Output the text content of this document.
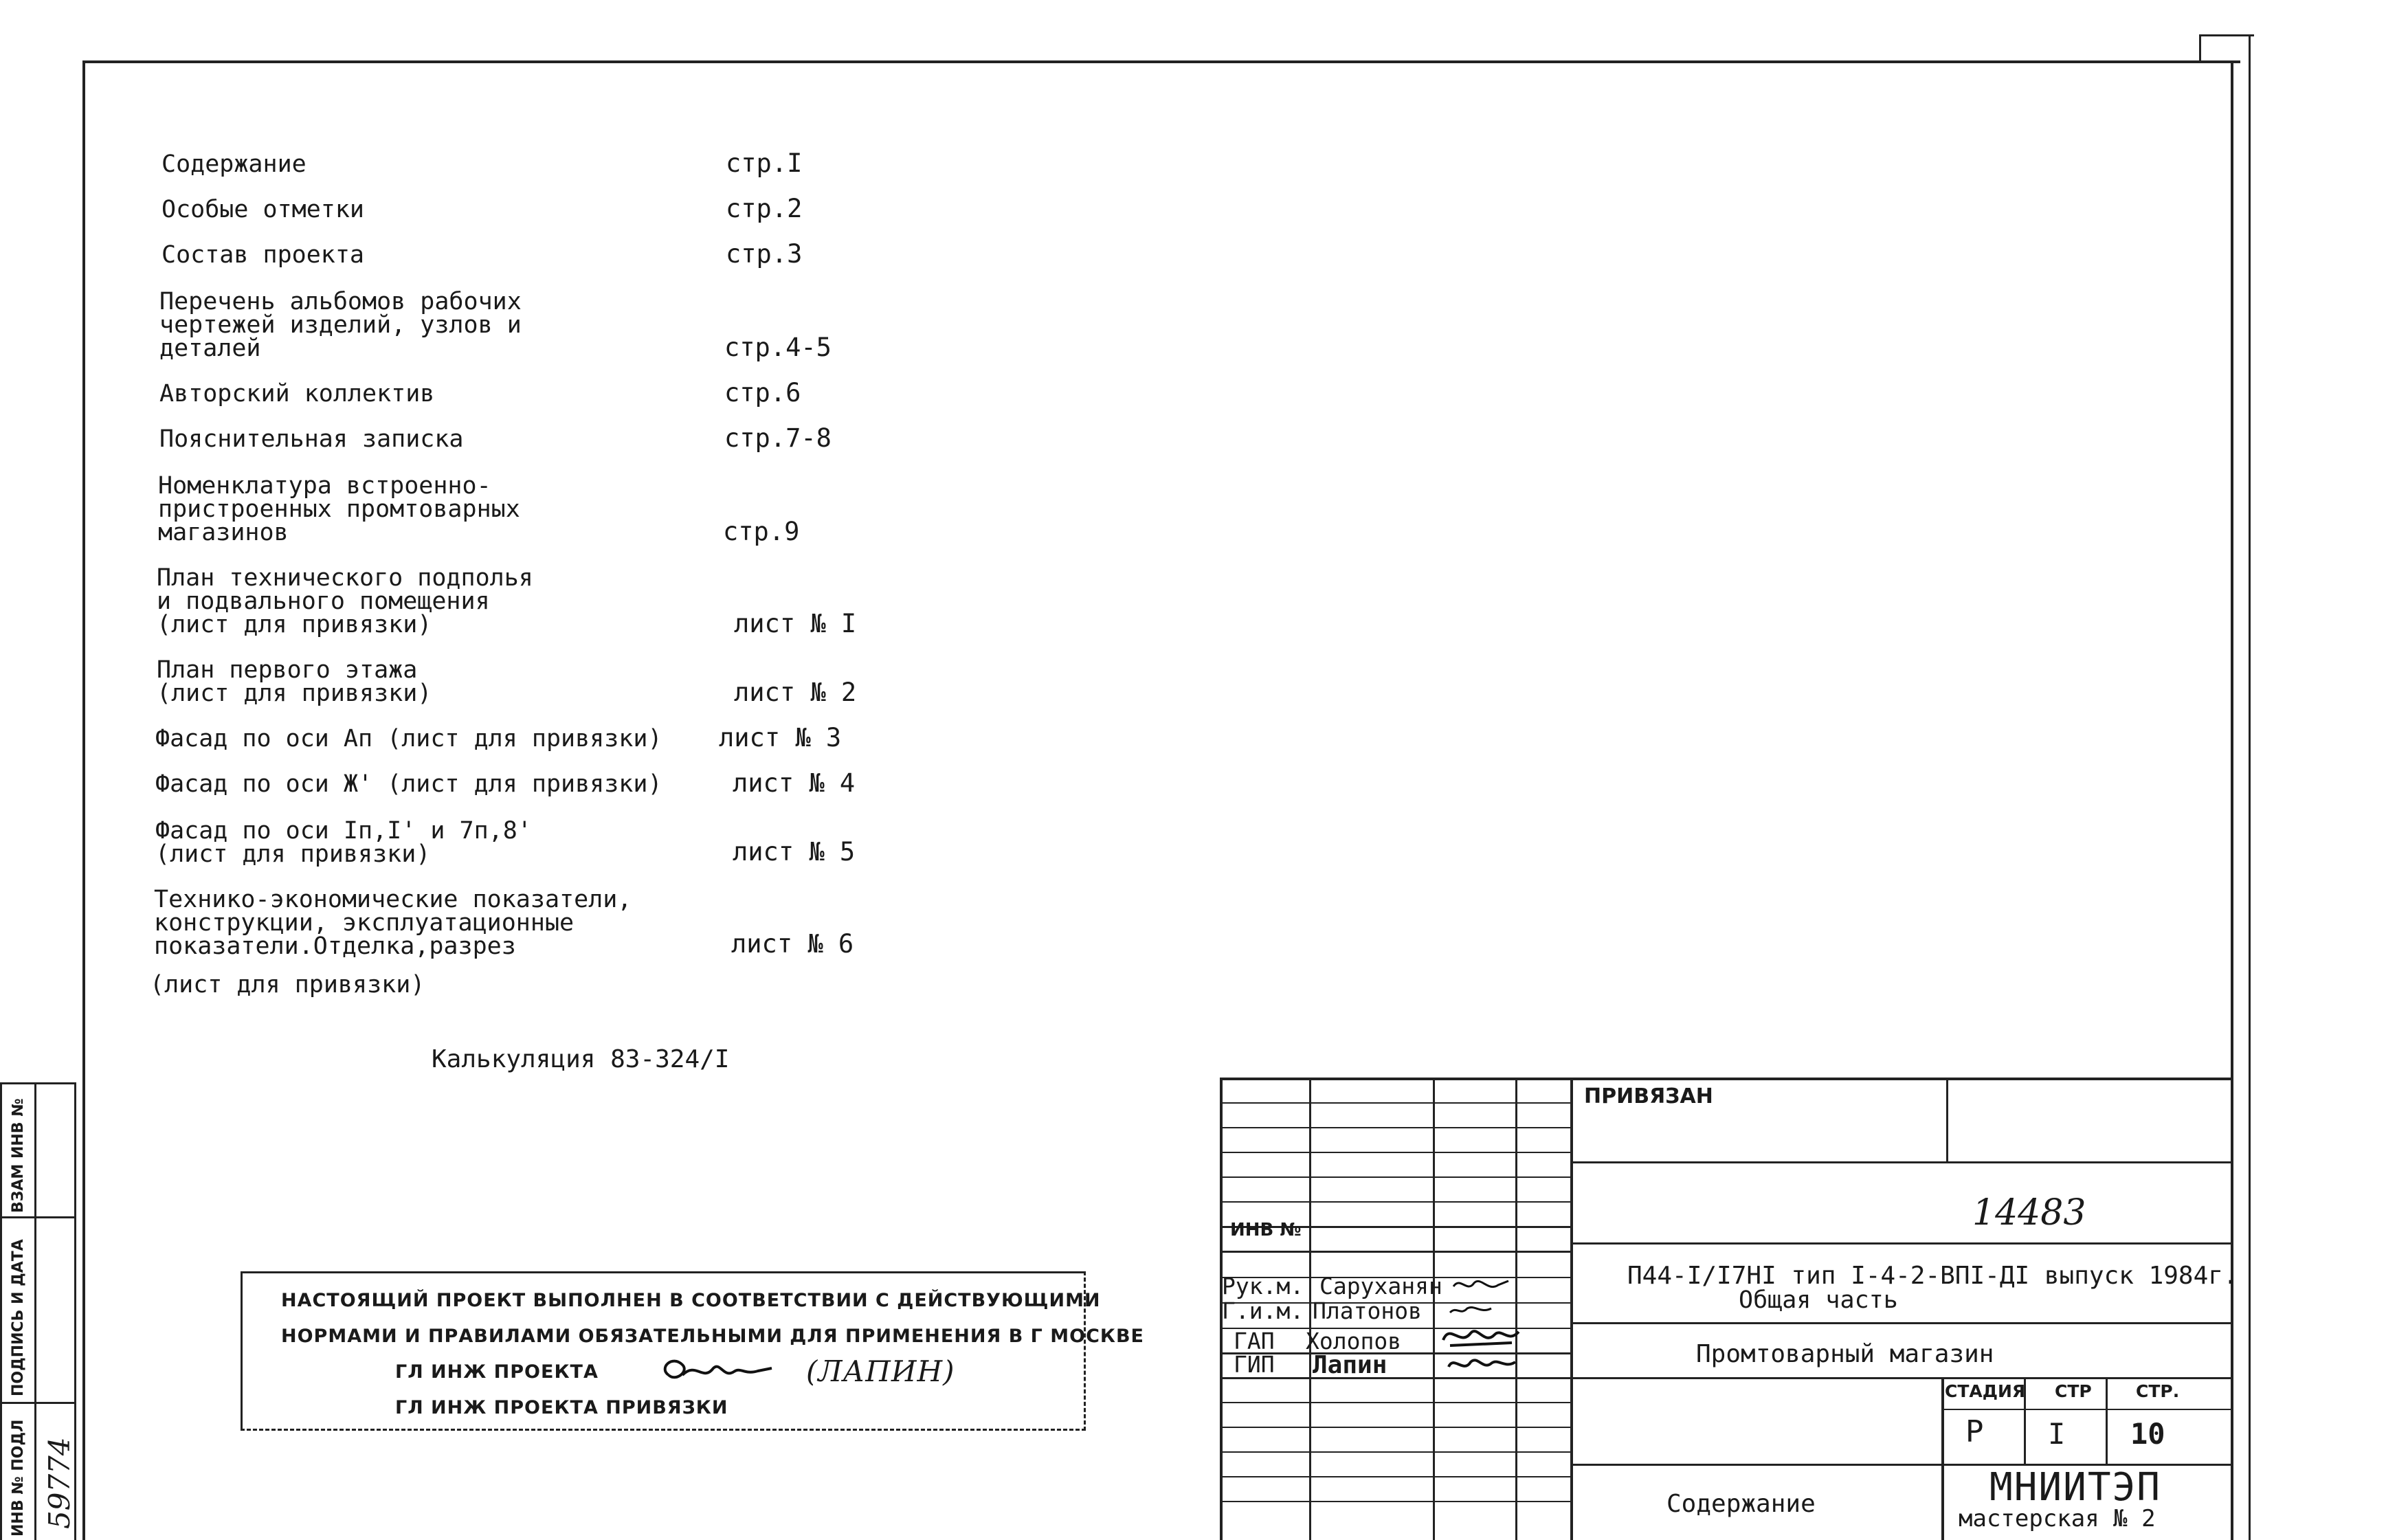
ИНВ № ПОДЛ
ПОДПИСЬ И ДАТА
ВЗАМ ИНВ №
59774
Содержание	стр.I
Особые отметки	стр.2
Состав проекта	стр.3
Перечень альбомов рабочих
чертежей изделий, узлов и
деталей	стр.4-5
Авторский коллектив	стр.6
Пояснительная записка	стр.7-8
Номенклатура встроенно-
пристроенных промтоварных
магазинов	стр.9
План технического подполья
и подвального помещения
(лист для привязки)	лист № I
План первого этажа
(лист для привязки)	лист № 2
Фасад по оси Ап (лист для привязки) лист № 3
Фасад по оси Ж' (лист для привязки)	лист № 4
Фасад по оси Iп,I' и 7п,8'
(лист для привязки)	лист № 5
Технико-экономические показатели,
конструкции, эксплуатационные
показатели.Отделка,разрез	лист № 6
(лист для привязки)
Калькуляция 83-324/I
НАСТОЯЩИЙ ПРОЕКТ ВЫПОЛНЕН В СООТВЕТСТВИИ С ДЕЙСТВУЮЩИМИ
НОРМАМИ И ПРАВИЛАМИ ОБЯЗАТЕЛЬНЫМИ ДЛЯ ПРИМЕНЕНИЯ В Г МОСКВЕ
ГЛ ИНЖ ПРОЕКТА	(ЛАПИН)
ГЛ ИНЖ ПРОЕКТА ПРИВЯЗКИ
ИНВ №
Рук.м. Саруханян
Г.и.м. Платонов
ГАП Холопов
ГИП Лапин
ПРИВЯЗАН
14483
П44-I/I7HI тип I-4-2-ВПI-ДI выпуск 1984г.
Общая часть
Промтоварный магазин
Содержание
СТАДИЯ СТР	СТР.
Р I 10
МНИИТЭП
мастерская № 2
